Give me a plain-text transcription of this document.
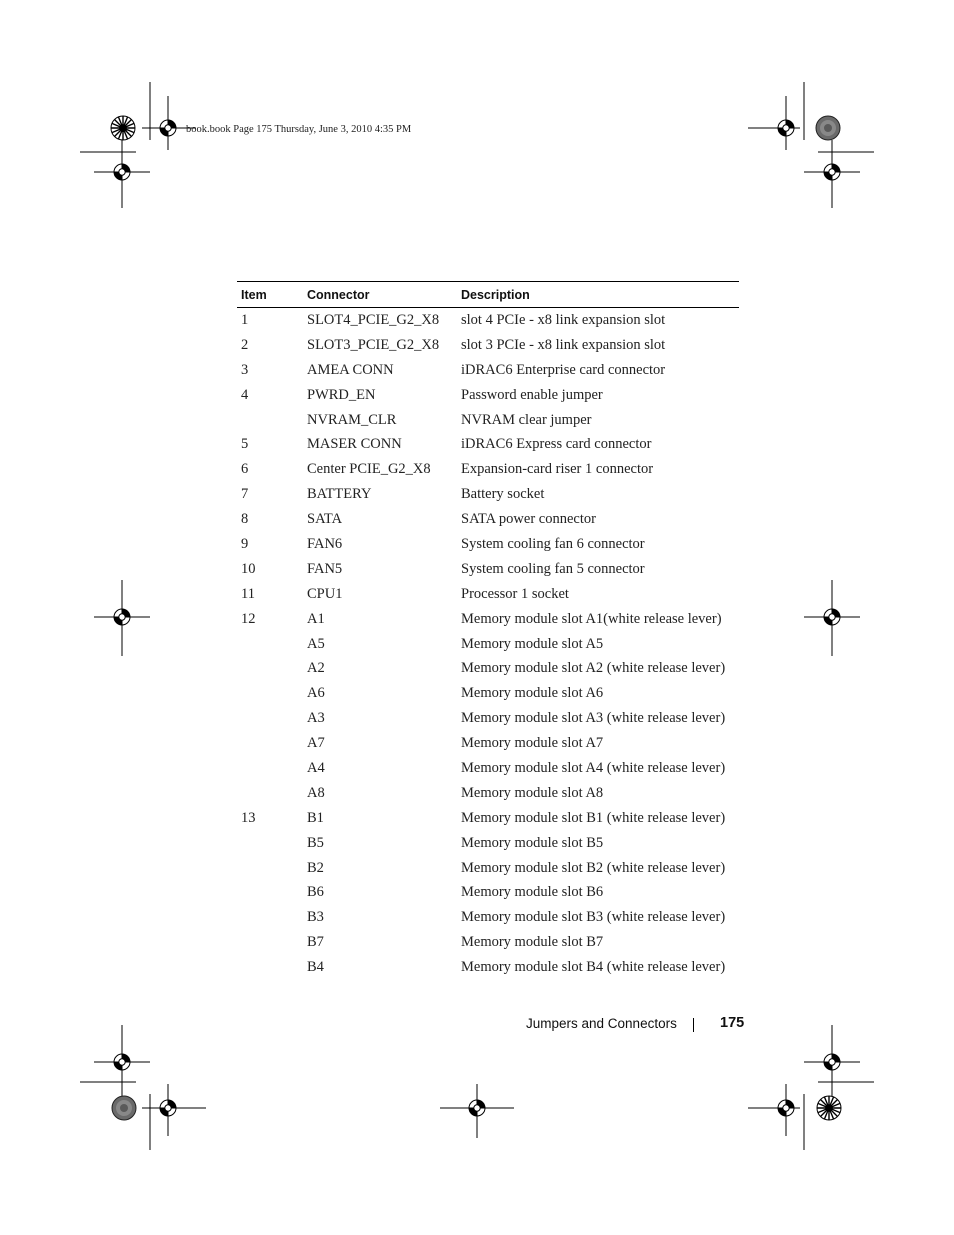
book.book Page 175 Thursday, June 3, 2010 4:35 PM
Item	Connector	Description
1	SLOT4_PCIE_G2_X8	slot 4 PCIe - x8 link expansion slot
2	SLOT3_PCIE_G2_X8	slot 3 PCIe - x8 link expansion slot
3	AMEA CONN	iDRAC6 Enterprise card connector
4	PWRD_EN	Password enable jumper
	NVRAM_CLR	NVRAM clear jumper
5	MASER CONN	iDRAC6 Express card connector
6	Center PCIE_G2_X8	Expansion-card riser 1 connector
7	BATTERY	Battery socket
8	SATA	SATA power connector
9	FAN6	System cooling fan 6 connector
10	FAN5	System cooling fan 5 connector
11	CPU1	Processor 1 socket
12	A1	Memory module slot A1(white release lever)
	A5	Memory module slot A5
	A2	Memory module slot A2 (white release lever)
	A6	Memory module slot A6
	A3	Memory module slot A3 (white release lever)
	A7	Memory module slot A7
	A4	Memory module slot A4 (white release lever)
	A8	Memory module slot A8
13	B1	Memory module slot B1 (white release lever)
	B5	Memory module slot B5
	B2	Memory module slot B2 (white release lever)
	B6	Memory module slot B6
	B3	Memory module slot B3 (white release lever)
	B7	Memory module slot B7
	B4	Memory module slot B4 (white release lever)
Jumpers and Connectors	175
